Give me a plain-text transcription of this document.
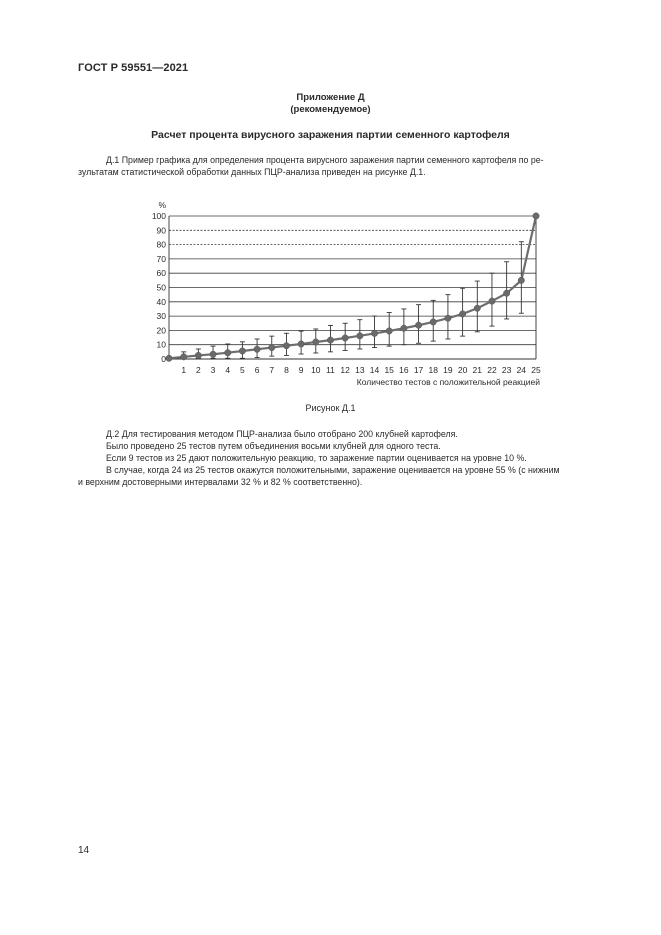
ГОСТ Р 59551—2021
Приложение Д
(рекомендуемое)
Расчет процента вирусного заражения партии семенного картофеля
Д.1 Пример графика для определения процента вирусного заражения партии семенного картофеля по ре-
зультатам статистической обработки данных ПЦР-анализа приведен на рисунке Д.1.
0
10
20
30
40
50
60
70
80
90
100
%
1 2 3 4 5 6 7 8 9 10 11 12 13 14 15 16 17 18 19 20 21 22 23 24 25
Количество тестов с положительной реакцией
Рисунок Д.1
Д.2 Для тестирования методом ПЦР-анализа было отобрано 200 клубней картофеля.
Было проведено 25 тестов путем объединения восьми клубней для одного теста.
Если 9 тестов из 25 дают положительную реакцию, то заражение партии оценивается на уровне 10 %.
В случае, когда 24 из 25 тестов окажутся положительными, заражение оценивается на уровне 55 % (с нижним
и верхним достоверными интервалами 32 % и 82 % соответственно).
14
